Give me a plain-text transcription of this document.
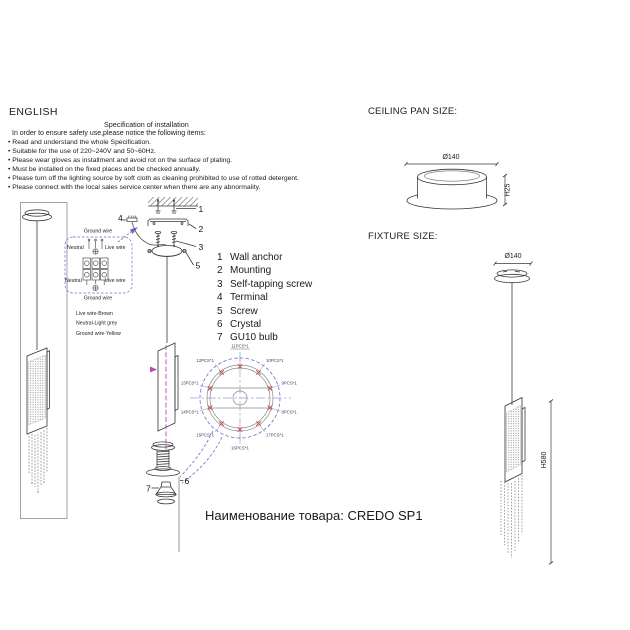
ENGLISH
Specification of installation
In order to ensure safety use,please notice the following items:
• Read and understand the whole Specification.
• Suitable for the use of 220~240V and 50~60Hz.
• Please wear gloves as installment and avoid rot on the surface of plating.
• Must be installed on the fixed places and be checked annually.
• Please turn off the lighting source by soft cloth as cleaning prohibited to use of rotted detergent.
• Please connect with the local sales service center when there are any abnormality.
CEILING PAN SIZE:
FIXTURE SIZE:
Наименование товара: CREDO SP1
1 Wall anchor
2 Mounting
3 Self-tapping screw
4 Terminal
5 Screw
6 Crystal
7 GU10 bulb
Ground wire
Neutral	Live wire
Neutral	Live wire
Ground wire
Live wire-Brown
Neutral-Light grey
Ground wire-Yellow
1
2
3
4
5
6
7
11PCS*1
10PCS*1
9PCS*1
8PCS*1
17PCS*1
16PCS*1
15PCS*1
14PCS*1
13PCS*1
12PCS*1
Ø140
H25
Ø140
H580
